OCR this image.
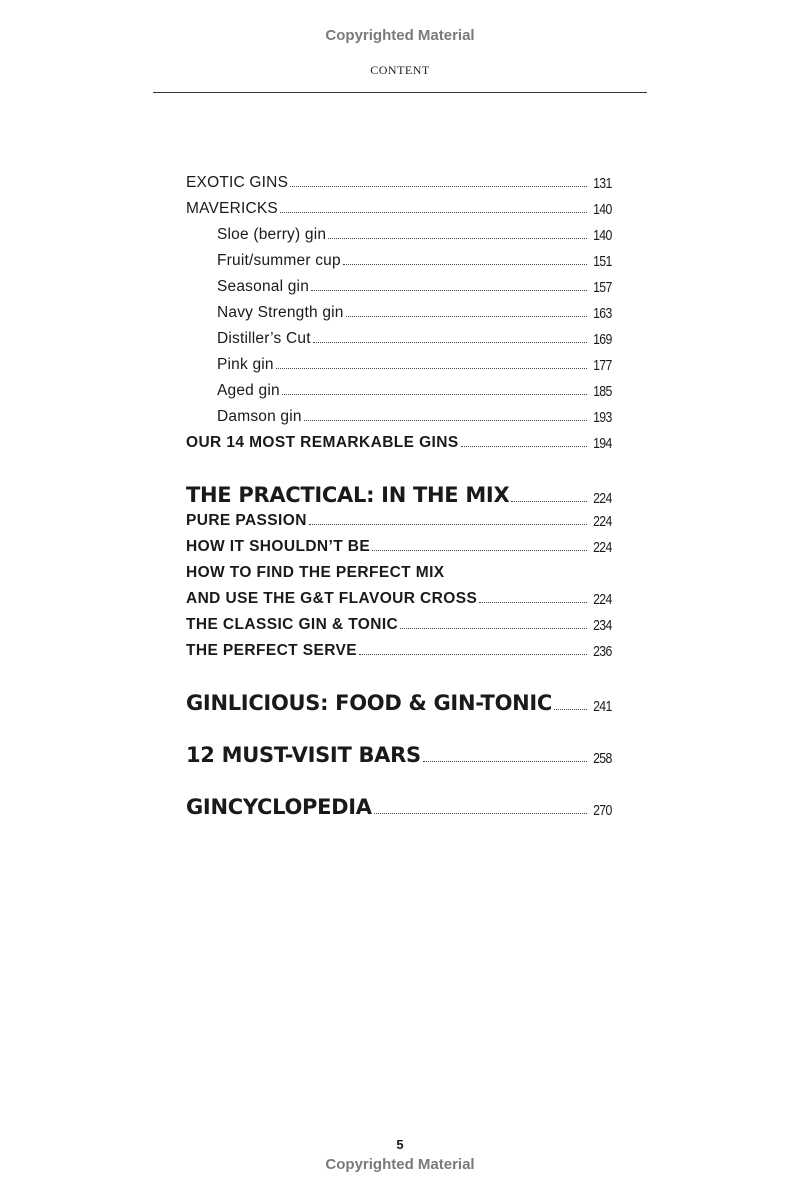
Copyrighted Material
CONTENT
EXOTIC GINS	131
MAVERICKS	140
Sloe (berry) gin	140
Fruit/summer cup	151
Seasonal gin	157
Navy Strength gin	163
Distiller’s Cut	169
Pink gin	177
Aged gin	185
Damson gin	193
OUR 14 MOST REMARKABLE GINS	194
THE PRACTICAL: IN THE MIX	224
PURE PASSION	224
HOW IT SHOULDN’T BE	224
HOW TO FIND THE PERFECT MIX
AND USE THE G&T FLAVOUR CROSS	224
THE CLASSIC GIN & TONIC	234
THE PERFECT SERVE	236
GINLICIOUS: FOOD & GIN-TONIC	241
12 MUST-VISIT BARS	258
GINCYCLOPEDIA	270
5
Copyrighted Material
